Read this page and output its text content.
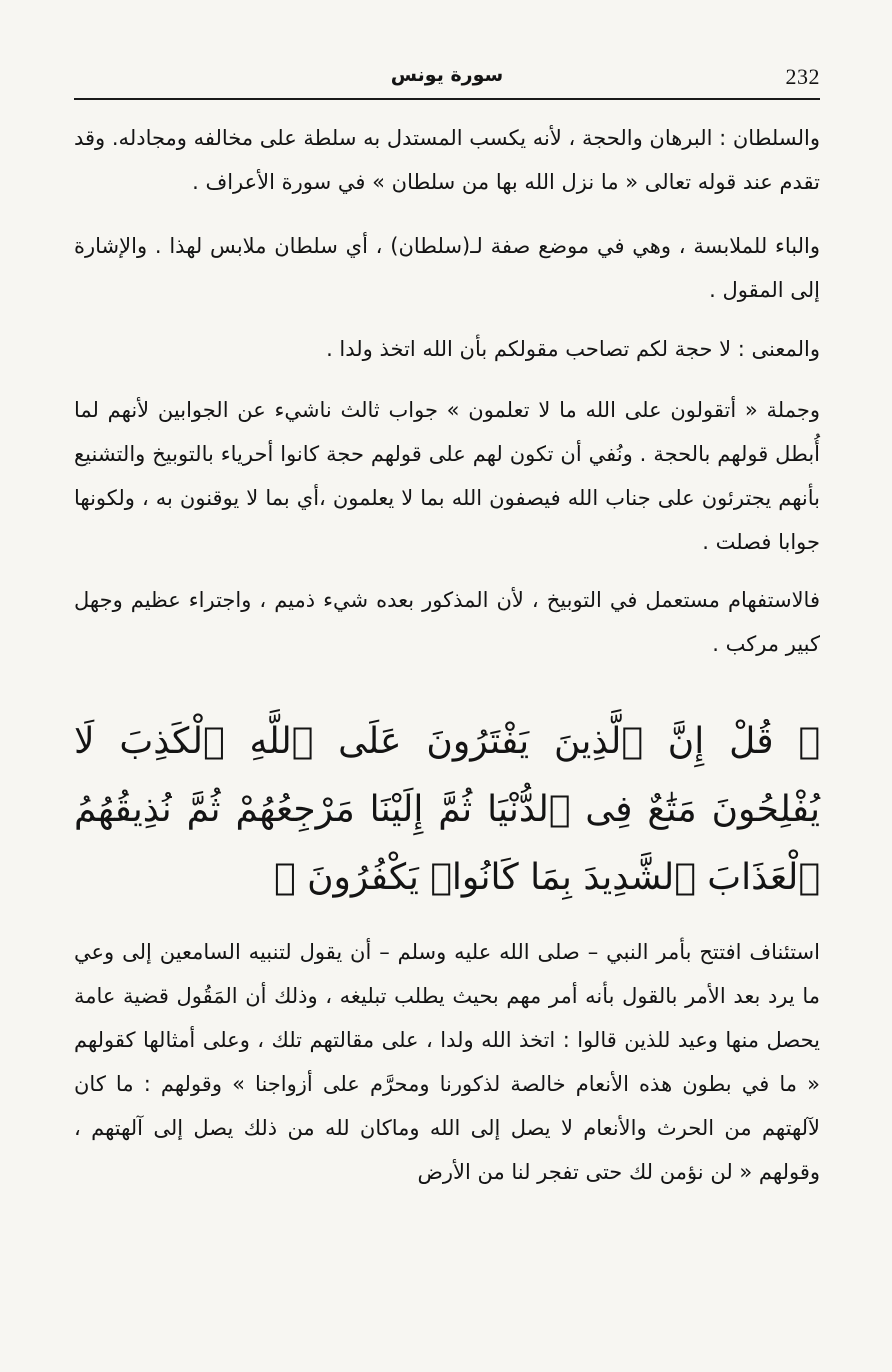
232
سورة يونس

والسلطان : البرهان والحجة ، لأنه يكسب المستدل به سلطة على مخالفه ومجادله. وقد تقدم عند قوله تعالى « ما نزل الله بها من سلطان » في سورة الأعراف .

والباء للملابسة ، وهي في موضع صفة لـ(سلطان) ، أي سلطان ملابس لهذا . والإشارة إلى المقول .

والمعنى : لا حجة لكم تصاحب مقولكم بأن الله اتخذ ولدا .

وجملة « أتقولون على الله ما لا تعلمون » جواب ثالث ناشيء عن الجوابين لأنهم لما أُبطل قولهم بالحجة . ونُفي أن تكون لهم على قولهم حجة كانوا أحرياء بالتوبيخ والتشنيع بأنهم يجترئون على جناب الله فيصفون الله بما لا يعلمون ،أي بما لا يوقنون به ، ولكونها جوابا فصلت .

فالاستفهام مستعمل في التوبيخ ، لأن المذكور بعده شيء ذميم ، واجتراء عظيم وجهل كبير مركب .

﴿ قُلْ إِنَّ ٱلَّذِينَ يَفْتَرُونَ عَلَى ٱللَّهِ ٱلْكَذِبَ لَا يُفْلِحُونَ مَتَٰعٌ فِى ٱلدُّنْيَا ثُمَّ إِلَيْنَا مَرْجِعُهُمْ ثُمَّ نُذِيقُهُمُ ٱلْعَذَابَ ٱلشَّدِيدَ بِمَا كَانُوا۟ يَكْفُرُونَ ﴾

استئناف افتتح بأمر النبي – صلى الله عليه وسلم – أن يقول لتنبيه السامعين إلى وعي ما يرد بعد الأمر بالقول بأنه أمر مهم بحيث يطلب تبليغه ، وذلك أن المَقُول قضية عامة يحصل منها وعيد للذين قالوا : اتخذ الله ولدا ، على مقالتهم تلك ، وعلى أمثالها كقولهم « ما في بطون هذه الأنعام خالصة لذكورنا ومحرَّم على أزواجنا » وقولهم : ما كان لآلهتهم من الحرث والأنعام لا يصل إلى الله وماكان لله من ذلك يصل إلى آلهتهم ، وقولهم « لن نؤمن لك حتى تفجر لنا من الأرض
